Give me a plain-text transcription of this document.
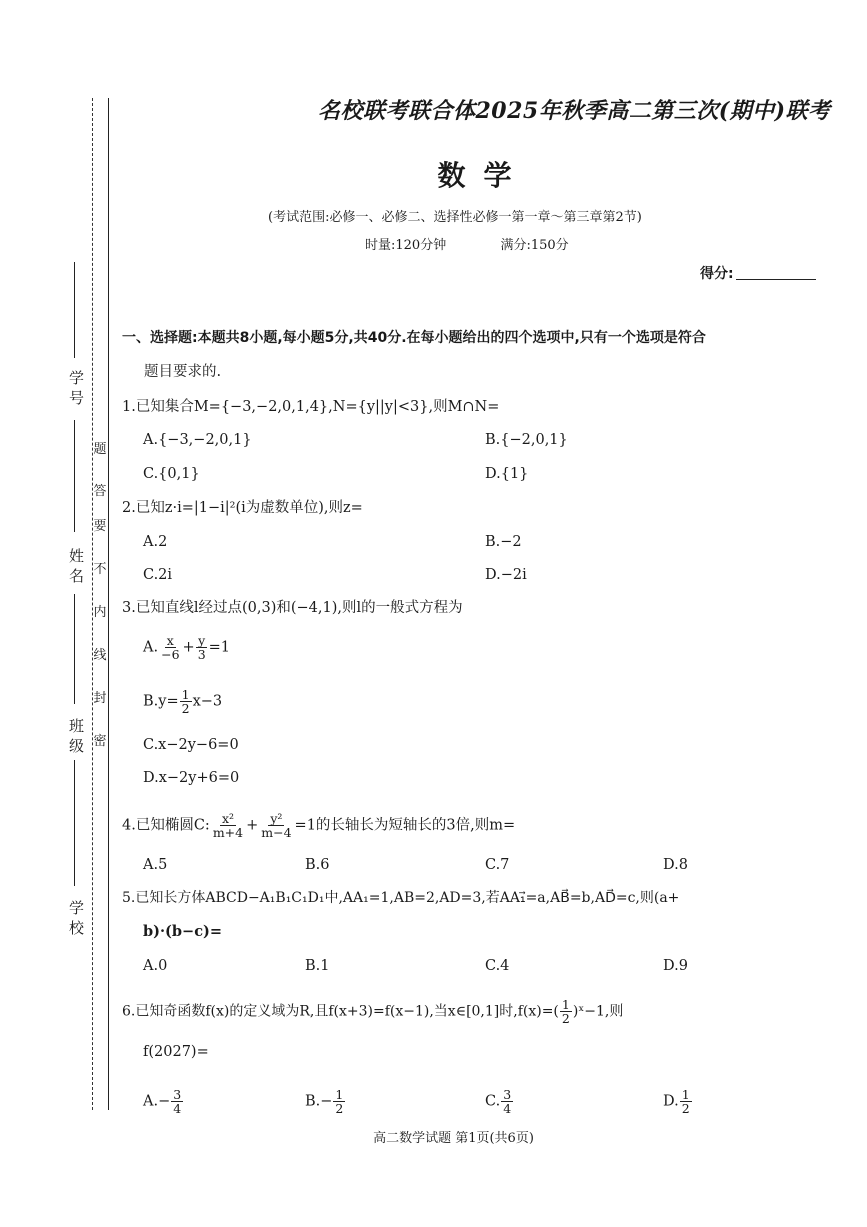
学 号
姓 名
班 级
学 校
密
封
线
内
不
要
答
题
名校联考联合体2025年秋季高二第三次(期中)联考
数学
(考试范围:必修一、必修二、选择性必修一第一章～第三章第2节)
时量:120分钟	满分:150分
得分:
一、选择题:本题共8小题,每小题5分,共40分.在每小题给出的四个选项中,只有一个选项是符合
题目要求的.
1.已知集合M={−3,−2,0,1,4},N={y||y|<3},则M∩N=
A.{−3,−2,0,1}	B.{−2,0,1}
C.{0,1}	D.{1}
2.已知z·i=|1−i|²(i为虚数单位),则z=
A.2	B.−2
C.2i	D.−2i
3.已知直线l经过点(0,3)和(−4,1),则l的一般式方程为
A. $\frac{x}{-6} + \frac{y}{3} =1$
$B.y= \frac{1}{2} x-3$
C.x−2y−6=0
D.x−2y+6=0
4.已知椭圆C: $\frac{\text{x²}}{m+4} + \frac{\text{y²}}{m-4} =1$的长轴长为短轴长的3倍,则m=
A.5	B.6	C.7	D.8
5.已知长方体ABCD−A₁B₁C₁D₁中,AA₁=1,AB=2,AD=3,若AA₁⃗=a,AB⃗=b,AD⃗=c,则(a+
b)·(b−c)=
A.0	B.1	C.4	D.9
6.已知奇函数f(x)的定义域为R,且f(x+3)=f(x−1),当x∈[0,1]时$,f(x)=( \frac{1}{2}$ )ˣ−1,则
f(2027)=
$A.- \frac{3}{4}$	$B.- \frac{1}{2}$	C. $\frac{3}{4}$	D. $\frac{1}{2}$
高二数学试题 第1页(共6页)
